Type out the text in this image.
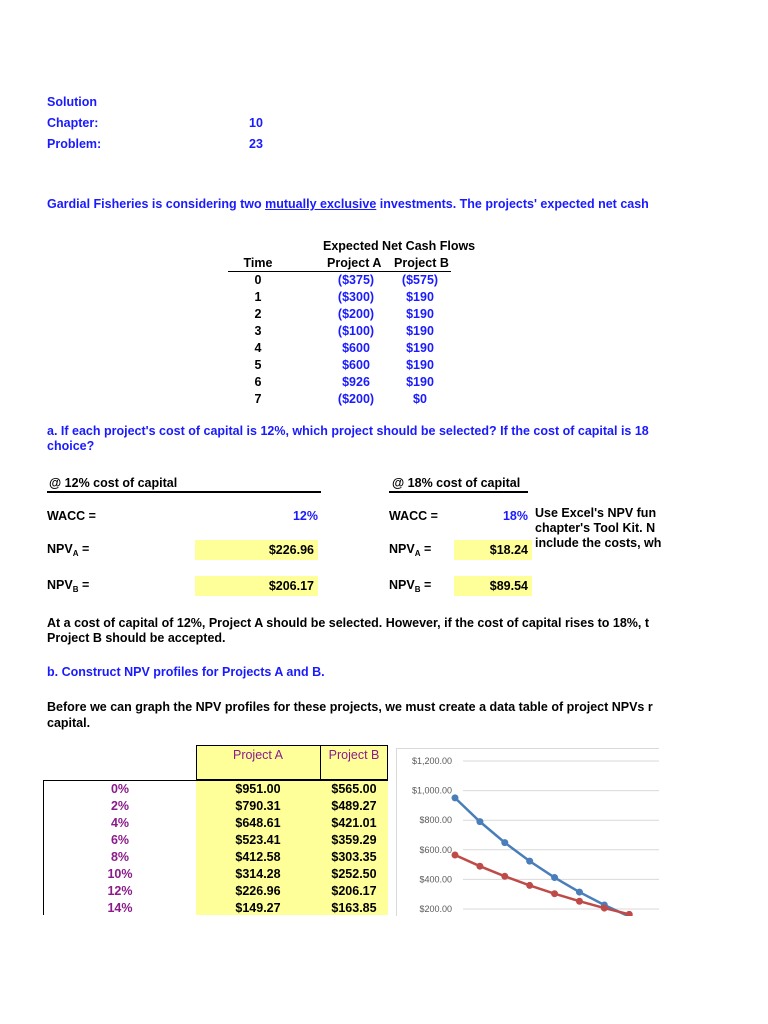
Solution
Chapter:	10
Problem:	23
Gardial Fisheries is considering two mutually exclusive investments. The projects' expected net cash
Expected Net Cash Flows
Time	Project A Project B
0	($375)	($575)
1	($300)	$190
2	($200)	$190
3	($100)	$190
4	$600	$190
5	$600	$190
6	$926	$190
7	($200)	$0
a. If each project's cost of capital is 12%, which project should be selected? If the cost of capital is 18
choice?
@ 12% cost of capital	@ 18% cost of capital
WACC =	12%	WACC =	18%
$NPV_A$ =	$226.96	$NPV_A$ =	$18.24
$NPV_B$ =	$206.17	$NPV_B$ =	$89.54
Use Excel's NPV fun
chapter's Tool Kit. N
include the costs, wh
At a cost of capital of 12%, Project A should be selected. However, if the cost of capital rises to 18%, t
Project B should be accepted.
b. Construct NPV profiles for Projects A and B.
Before we can graph the NPV profiles for these projects, we must create a data table of project NPVs r
capital.
Project A	Project B
0%	$951.00	$565.00
2%	$790.31	$489.27
4%	$648.61	$421.01
6%	$523.41	$359.29
8%	$412.58	$303.35
10%	$314.28	$252.50
12%	$226.96	$206.17
14%	$149.27	$163.85
$1,200.00
$1,000.00
$800.00
$600.00
$400.00
$200.00
